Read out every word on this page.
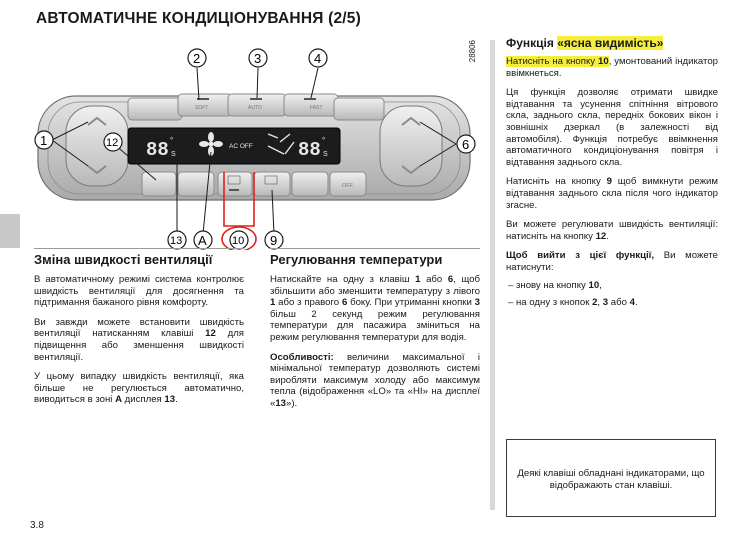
АВТОМАТИЧНЕ КОНДИЦІОНУВАННЯ (2/5)
SOFT	AUTO	FAST
88 °
S
AC OFF 88 °
S
OFF
2	3	4
1	12	6
13 A 10 9
28806
Зміна швидкості вентиляції

В автоматичному режимі система контролює швидкість вентиляції для досягнення та підтримання бажаного рівня комфорту.

Ви завжди можете встановити швидкість вентиляції натисканням клавіші 12 для підвищення або зменшення швидкості вентиляції.

У цьому випадку швидкість вентиляції, яка більше не регулюється автоматично, виводиться в зоні A дисплея 13.

Регулювання температури

Натискайте на одну з клавіш 1 або 6, щоб збільшити або зменшити температуру з лівого 1 або з правого 6 боку. При утриманні кнопки 3 більш 2 секунд режим регулювання температури для пасажира зміниться на режим регулювання температури для водія.

Особливості: величини максимальної і мінімальної температур дозволяють системі виробляти максимум холоду або максимум тепла (відображення «LO» та «HI» на дисплеї «13»).

Функція «ясна видимість»

Натисніть на кнопку 10, умонтований індикатор ввімкнеться.

Ця функція дозволяє отримати швидке відтавання та усунення спітніння вітрового скла, заднього скла, передніх бокових вікон і зовнішніх дзеркал (в залежності від автомобіля). Функція потребує ввімкнення автоматичного кондиціонування повітря і відтавання заднього скла.

Натисніть на кнопку 9 щоб вимкнути режим відтавання заднього скла після чого індикатор згасне.

Ви можете регулювати швидкість вентиляції: натисніть на кнопку 12.

Щоб вийти з цієї функції, Ви можете натиснути:

– знову на кнопку 10,
– на одну з кнопок 2, 3 або 4.

Деякі клавіші обладнані індикаторами, що відображають стан клавіші.

3.8
